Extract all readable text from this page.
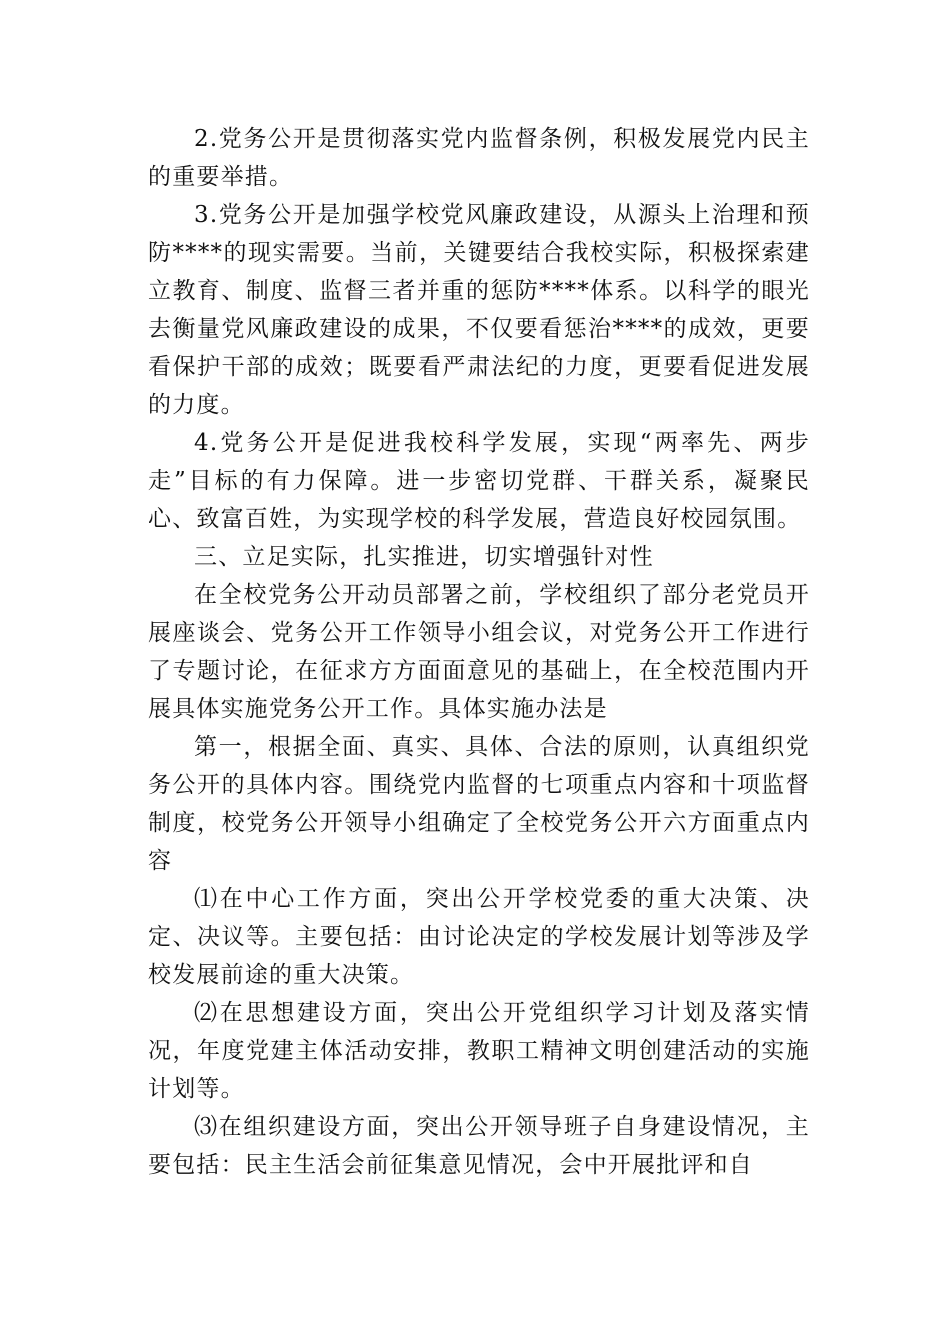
2.党务公开是贯彻落实党内监督条例，积极发展党内民主的重要举措。

3.党务公开是加强学校党风廉政建设，从源头上治理和预防****的现实需要。当前，关键要结合我校实际，积极探索建立教育、制度、监督三者并重的惩防****体系。以科学的眼光去衡量党风廉政建设的成果，不仅要看惩治****的成效，更要看保护干部的成效；既要看严肃法纪的力度，更要看促进发展的力度。

4.党务公开是促进我校科学发展，实现“两率先、两步走”目标的有力保障。进一步密切党群、干群关系，凝聚民心、致富百姓，为实现学校的科学发展，营造良好校园氛围。

三、立足实际，扎实推进，切实增强针对性

在全校党务公开动员部署之前，学校组织了部分老党员开展座谈会、党务公开工作领导小组会议，对党务公开工作进行了专题讨论，在征求方方面面意见的基础上，在全校范围内开展具体实施党务公开工作。具体实施办法是

第一，根据全面、真实、具体、合法的原则，认真组织党务公开的具体内容。围绕党内监督的七项重点内容和十项监督制度，校党务公开领导小组确定了全校党务公开六方面重点内容

⑴在中心工作方面，突出公开学校党委的重大决策、决定、决议等。主要包括：由讨论决定的学校发展计划等涉及学校发展前途的重大决策。

⑵在思想建设方面，突出公开党组织学习计划及落实情况，年度党建主体活动安排，教职工精神文明创建活动的实施计划等。

⑶在组织建设方面，突出公开领导班子自身建设情况，主要包括：民主生活会前征集意见情况，会中开展批评和自
